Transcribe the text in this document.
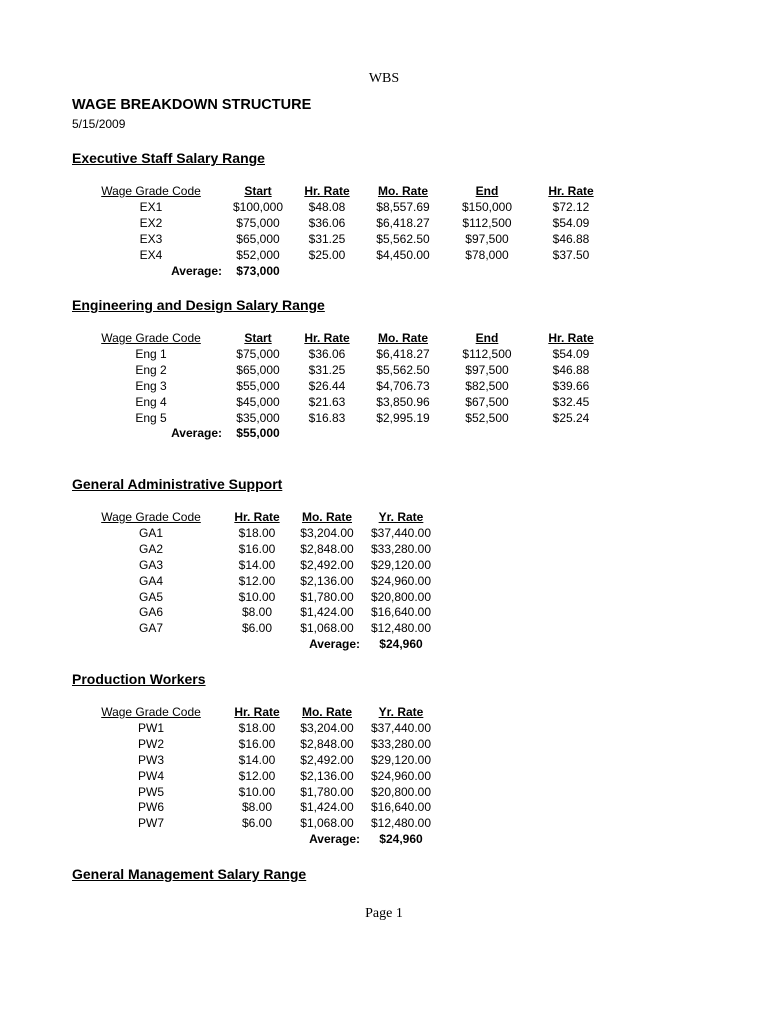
WBS
WAGE BREAKDOWN STRUCTURE
5/15/2009
Executive Staff Salary Range
Wage Grade Code	Start	Hr. Rate	Mo. Rate	End	Hr. Rate
EX1	$100,000	$48.08	$8,557.69	$150,000	$72.12
EX2	$75,000	$36.06	$6,418.27	$112,500	$54.09
EX3	$65,000	$31.25	$5,562.50	$97,500	$46.88
EX4	$52,000	$25.00	$4,450.00	$78,000	$37.50
Average:	$73,000
Engineering and Design Salary Range
Wage Grade Code	Start	Hr. Rate	Mo. Rate	End	Hr. Rate
Eng 1	$75,000	$36.06	$6,418.27	$112,500	$54.09
Eng 2	$65,000	$31.25	$5,562.50	$97,500	$46.88
Eng 3	$55,000	$26.44	$4,706.73	$82,500	$39.66
Eng 4	$45,000	$21.63	$3,850.96	$67,500	$32.45
Eng 5	$35,000	$16.83	$2,995.19	$52,500	$25.24
Average:	$55,000
General Administrative Support
Wage Grade Code	Hr. Rate	Mo. Rate	Yr. Rate
GA1	$18.00	$3,204.00	$37,440.00
GA2	$16.00	$2,848.00	$33,280.00
GA3	$14.00	$2,492.00	$29,120.00
GA4	$12.00	$2,136.00	$24,960.00
GA5	$10.00	$1,780.00	$20,800.00
GA6	$8.00	$1,424.00	$16,640.00
GA7	$6.00	$1,068.00	$12,480.00
Average:	$24,960
Production Workers
Wage Grade Code	Hr. Rate	Mo. Rate	Yr. Rate
PW1	$18.00	$3,204.00	$37,440.00
PW2	$16.00	$2,848.00	$33,280.00
PW3	$14.00	$2,492.00	$29,120.00
PW4	$12.00	$2,136.00	$24,960.00
PW5	$10.00	$1,780.00	$20,800.00
PW6	$8.00	$1,424.00	$16,640.00
PW7	$6.00	$1,068.00	$12,480.00
Average:	$24,960
General Management Salary Range
Page 1
